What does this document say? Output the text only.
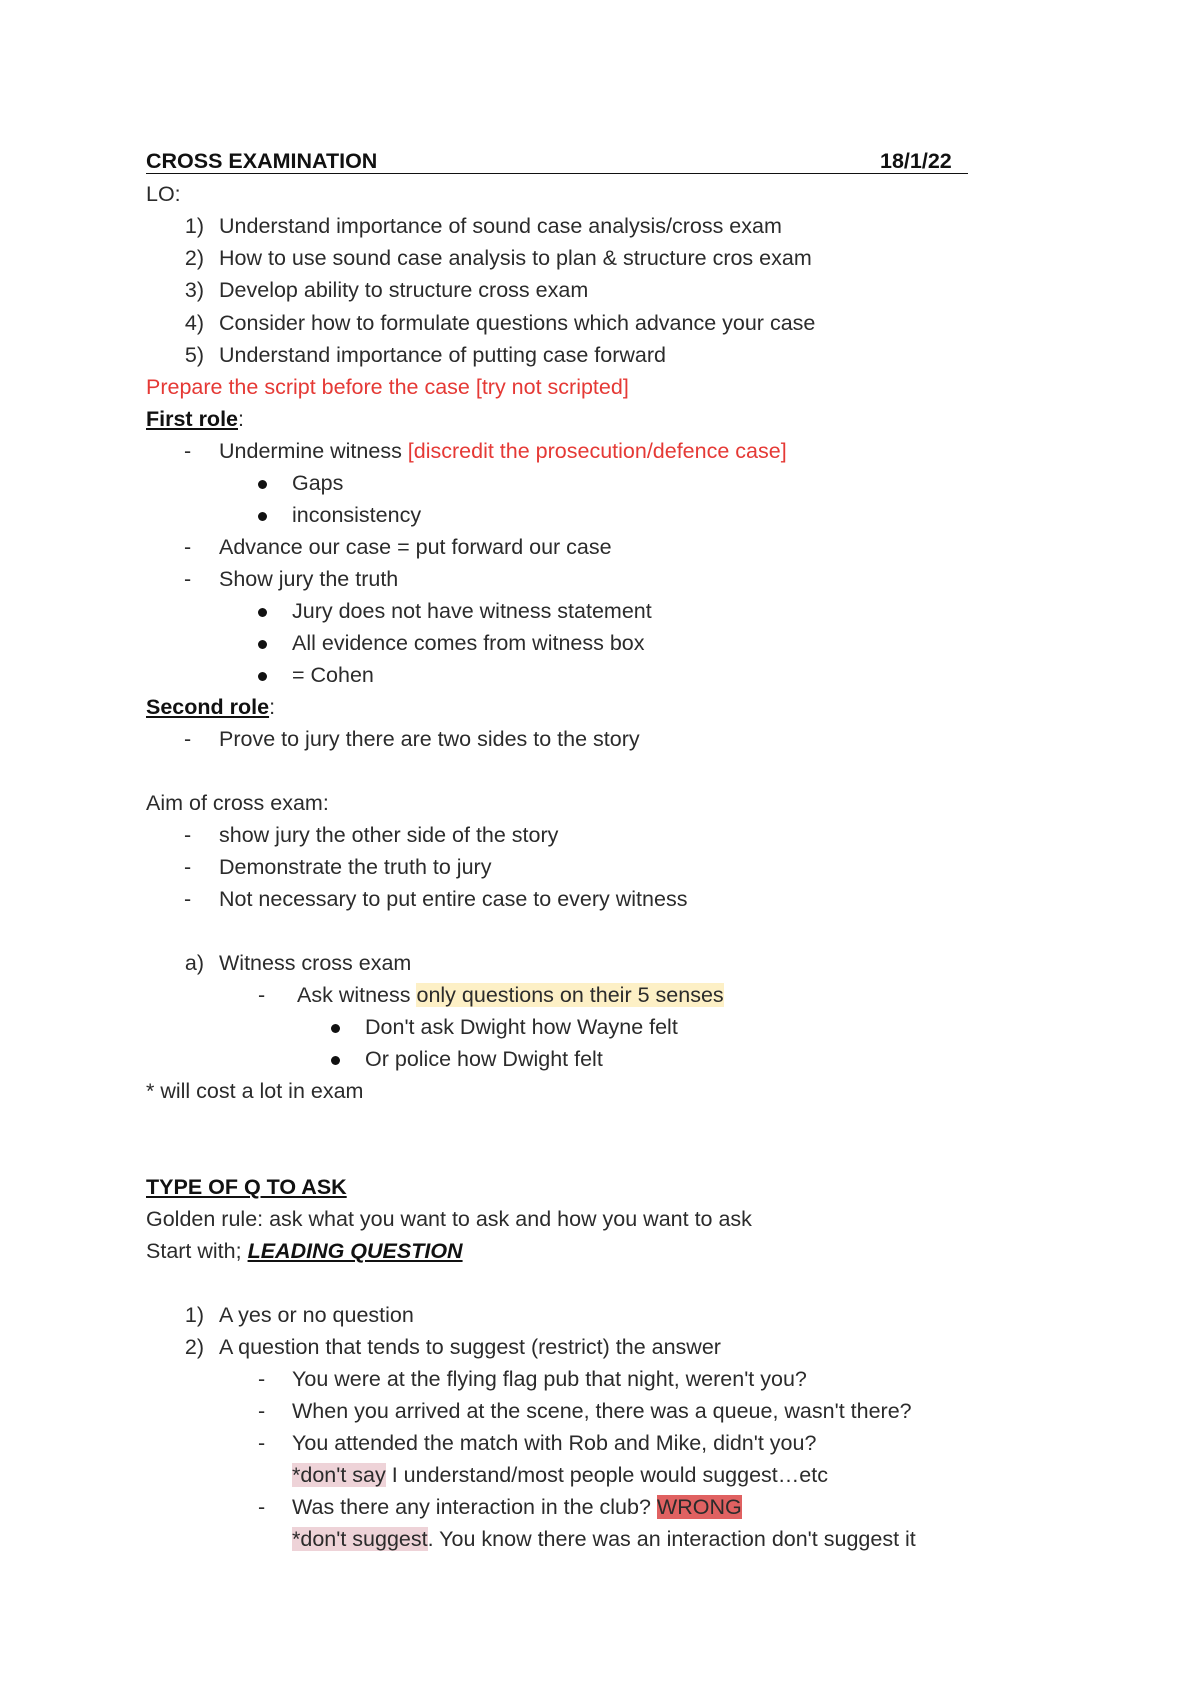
CROSS EXAMINATION	18/1/22
LO:
1) Understand importance of sound case analysis/cross exam
2) How to use sound case analysis to plan & structure cros exam
3) Develop ability to structure cross exam
4) Consider how to formulate questions which advance your case
5) Understand importance of putting case forward
Prepare the script before the case [try not scripted]
First role:
- Undermine witness [discredit the prosecution/defence case]
Gaps
inconsistency
- Advance our case = put forward our case
- Show jury the truth
Jury does not have witness statement
All evidence comes from witness box
= Cohen
Second role:
- Prove to jury there are two sides to the story
Aim of cross exam:
- show jury the other side of the story
- Demonstrate the truth to jury
- Not necessary to put entire case to every witness
a) Witness cross exam
- Ask witness only questions on their 5 senses
Don't ask Dwight how Wayne felt
Or police how Dwight felt
* will cost a lot in exam
TYPE OF Q TO ASK
Golden rule: ask what you want to ask and how you want to ask
Start with; LEADING QUESTION
1) A yes or no question
2) A question that tends to suggest (restrict) the answer
- You were at the flying flag pub that night, weren't you?
- When you arrived at the scene, there was a queue, wasn't there?
- You attended the match with Rob and Mike, didn't you?
*don't say I understand/most people would suggest…etc
- Was there any interaction in the club? WRONG
*don't suggest. You know there was an interaction don't suggest it
